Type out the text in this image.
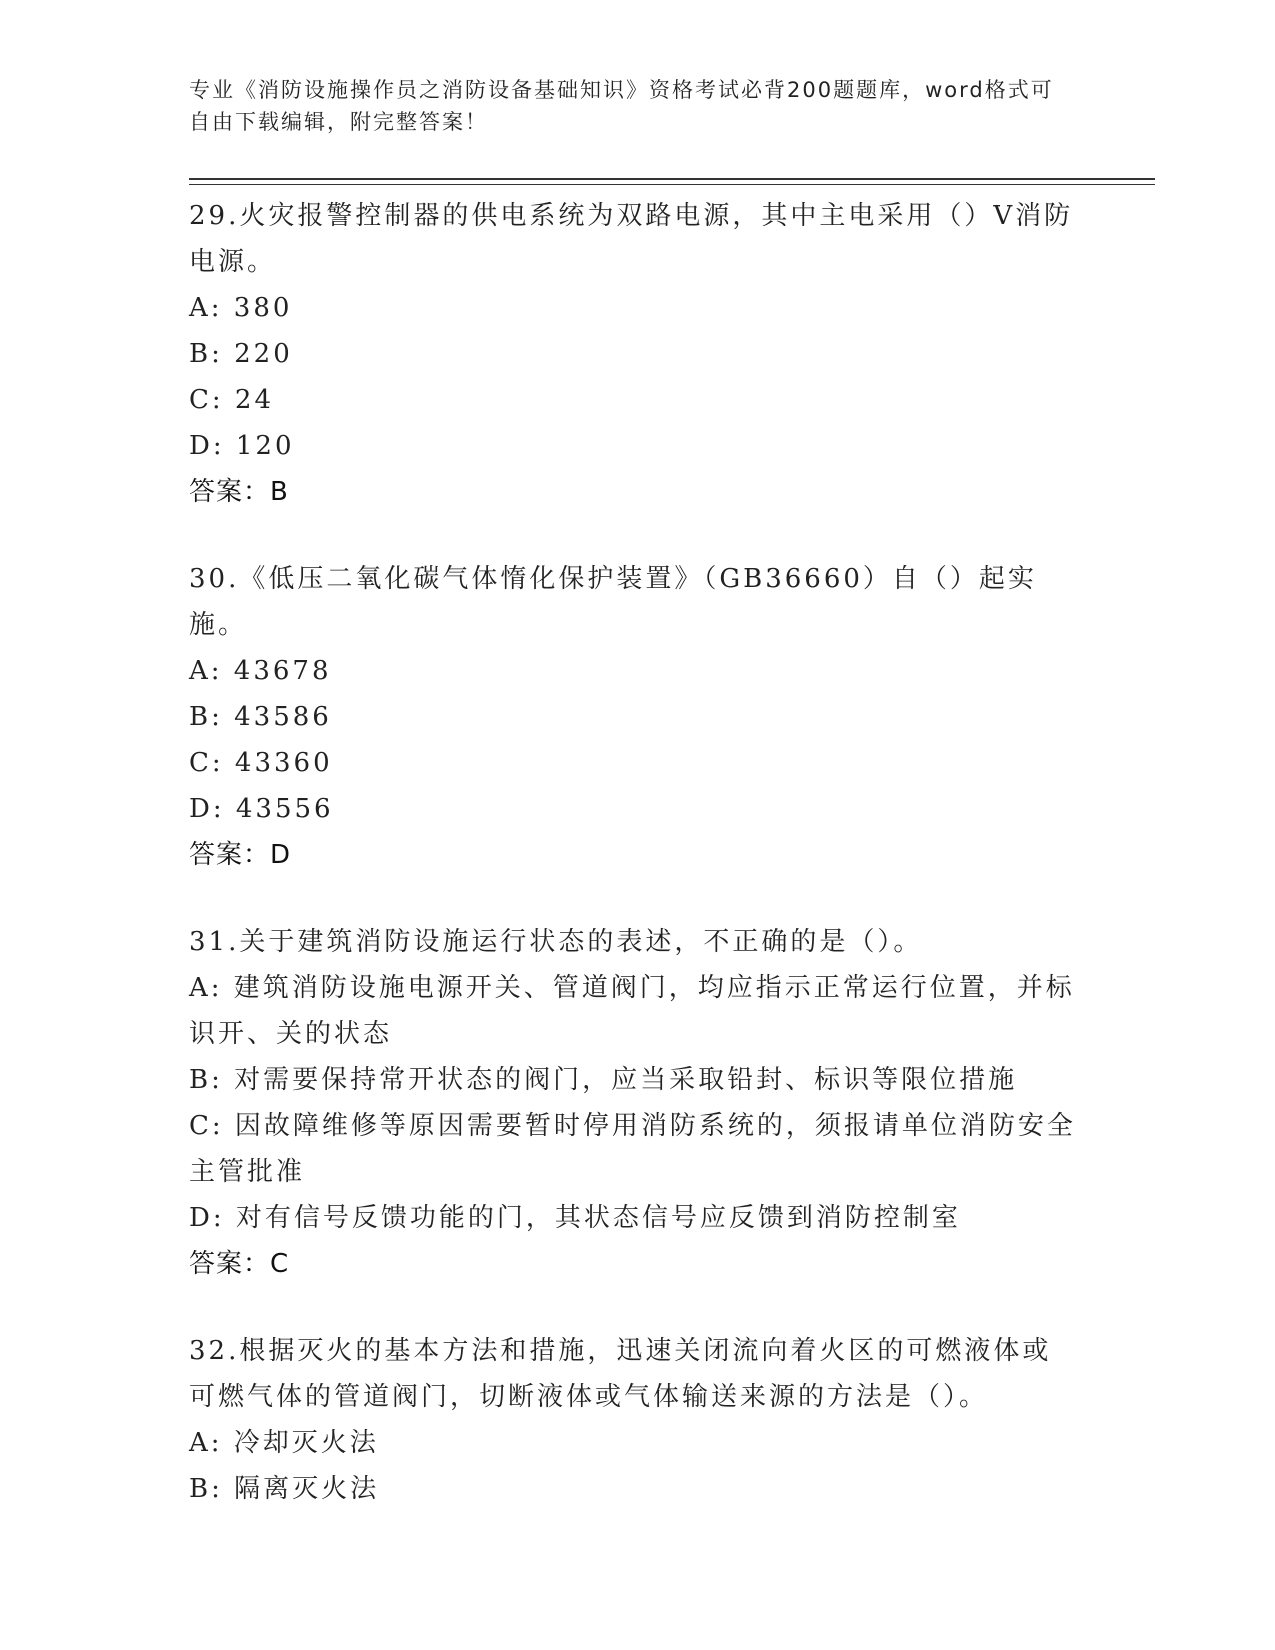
专业《消防设施操作员之消防设备基础知识》资格考试必背200题题库，word格式可自由下载编辑，附完整答案！
29.火灾报警控制器的供电系统为双路电源，其中主电采用（）V消防电源。
A: 380
B: 220
C: 24
D: 120
答案：B
30.《低压二氧化碳气体惰化保护装置》（GB36660）自（）起实施。
A: 43678
B: 43586
C: 43360
D: 43556
答案：D
31.关于建筑消防设施运行状态的表述，不正确的是（）。
A: 建筑消防设施电源开关、管道阀门，均应指示正常运行位置，并标识开、关的状态
B: 对需要保持常开状态的阀门，应当采取铅封、标识等限位措施
C: 因故障维修等原因需要暂时停用消防系统的，须报请单位消防安全主管批准
D: 对有信号反馈功能的门，其状态信号应反馈到消防控制室
答案：C
32.根据灭火的基本方法和措施，迅速关闭流向着火区的可燃液体或可燃气体的管道阀门，切断液体或气体输送来源的方法是（）。
A: 冷却灭火法
B: 隔离灭火法
